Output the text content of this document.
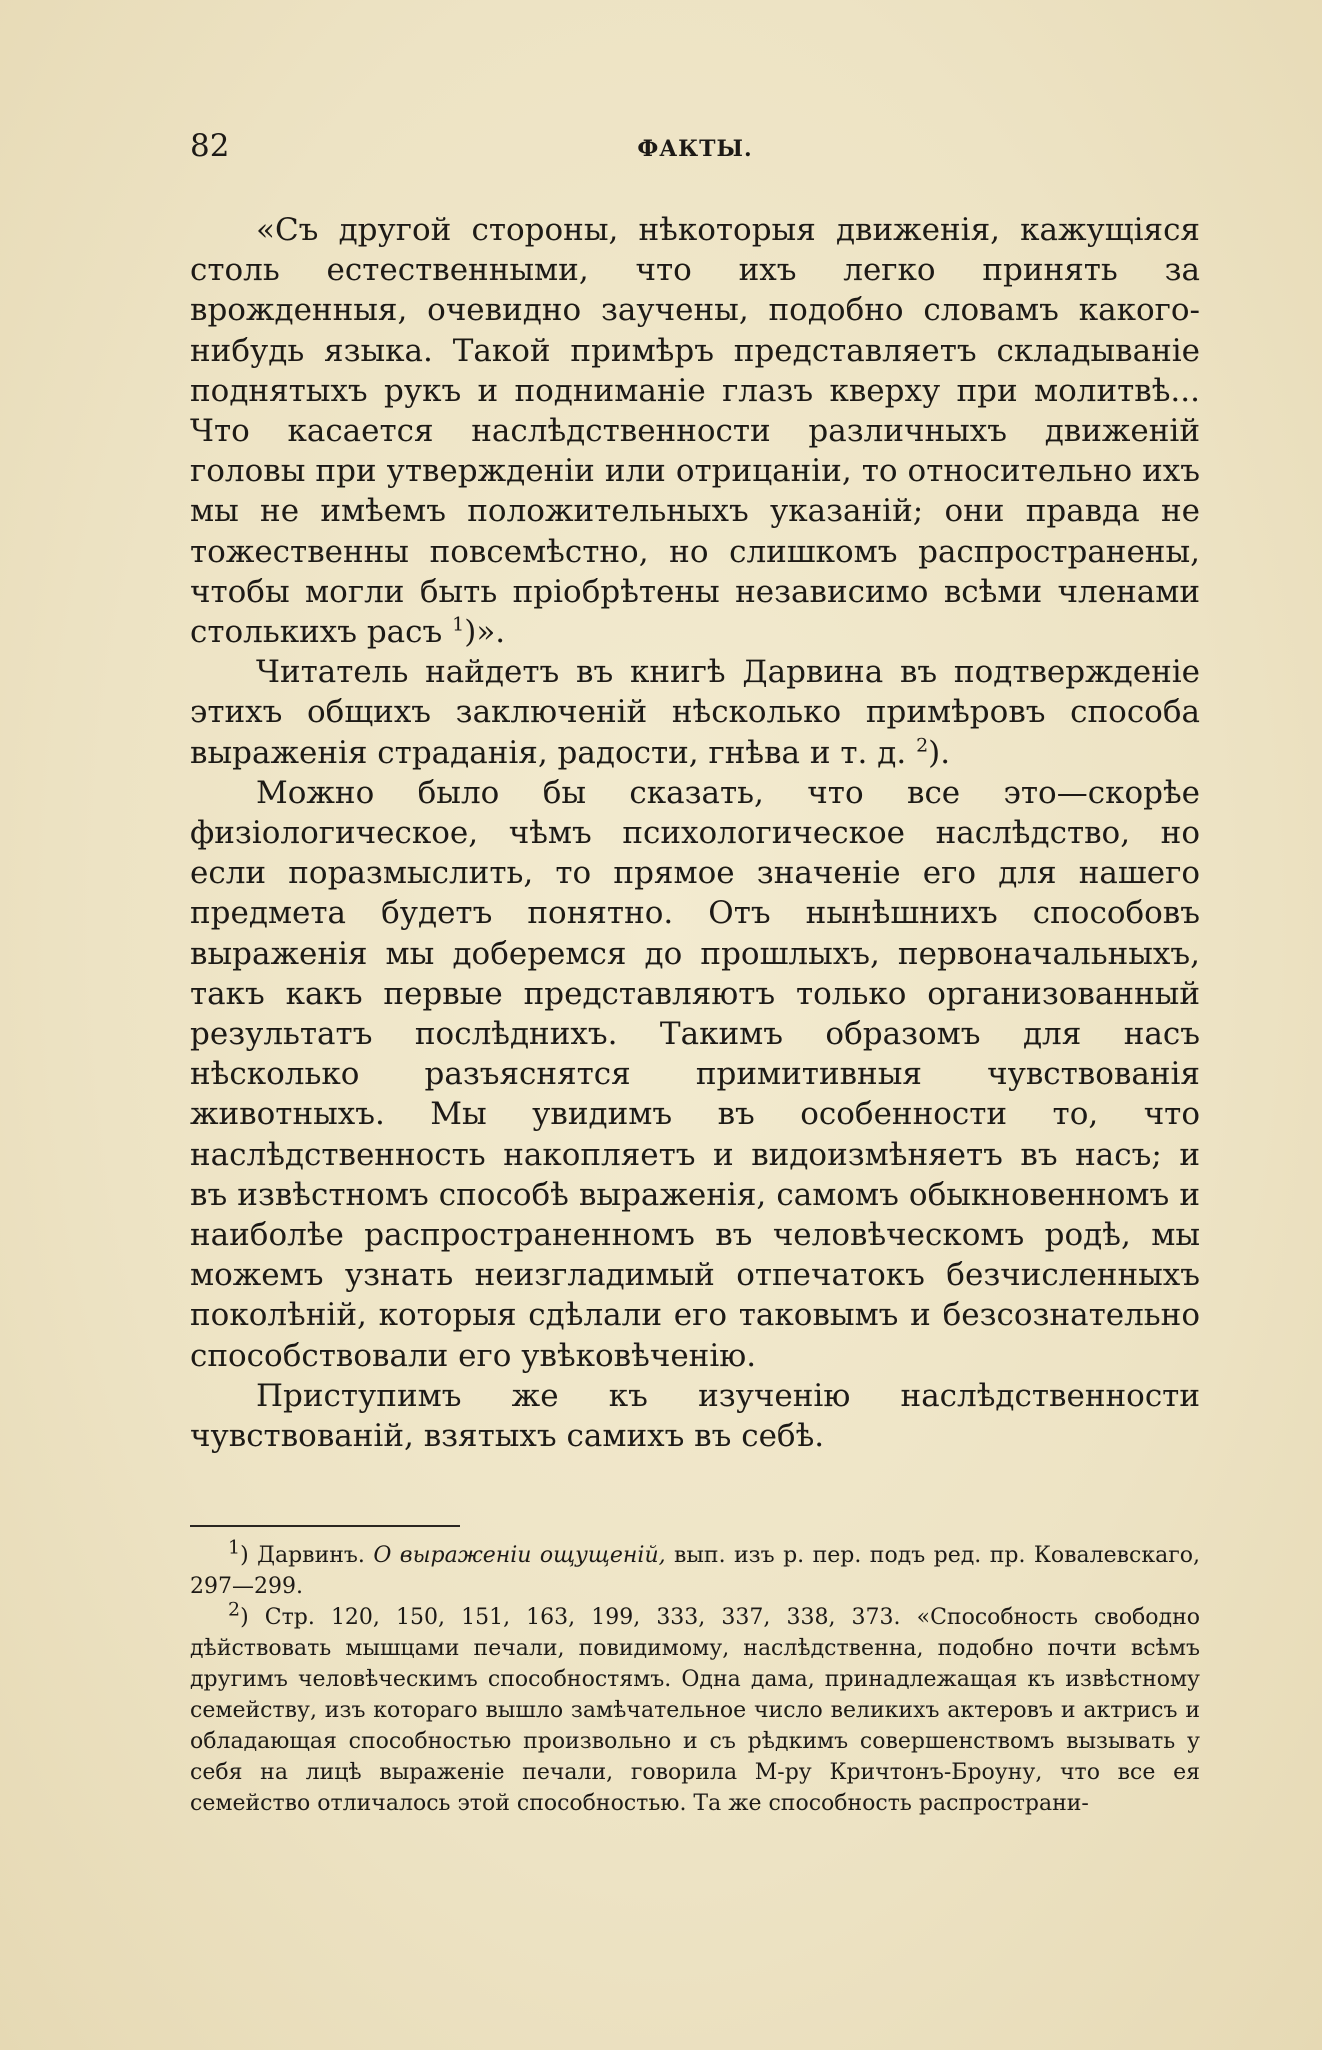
82	ФАКТЫ.

«Съ другой стороны, нѣкоторыя движенія, кажущіяся столь естественными, что ихъ легко принять за врожденныя, очевидно заучены, подобно словамъ какого-нибудь языка. Такой примѣръ представляетъ складываніе поднятыхъ рукъ и подниманіе глазъ кверху при молитвѣ... Что касается наслѣдственности различныхъ движеній головы при утвержденіи или отрицаніи, то относительно ихъ мы не имѣемъ положительныхъ указаній; они правда не тожественны повсемѣстно, но слишкомъ распространены, чтобы могли быть пріобрѣтены независимо всѣми членами столькихъ расъ $^1$)».

Читатель найдетъ въ книгѣ Дарвина въ подтвержденіе этихъ общихъ заключеній нѣсколько примѣровъ способа выраженія страданія, радости, гнѣва и т. д. $^2$).

Можно было бы сказать, что все это—скорѣе физіологическое, чѣмъ психологическое наслѣдство, но если поразмыслить, то прямое значеніе его для нашего предмета будетъ понятно. Отъ нынѣшнихъ способовъ выраженія мы доберемся до прошлыхъ, первоначальныхъ, такъ какъ первые представляютъ только организованный результатъ послѣднихъ. Такимъ образомъ для насъ нѣсколько разъяснятся примитивныя чувствованія животныхъ. Мы увидимъ въ особенности то, что наслѣдственность накопляетъ и видоизмѣняетъ въ насъ; и въ извѣстномъ способѣ выраженія, самомъ обыкновенномъ и наиболѣе распространенномъ въ человѣческомъ родѣ, мы можемъ узнать неизгладимый отпечатокъ безчисленныхъ поколѣній, которыя сдѣлали его таковымъ и безсознательно способствовали его увѣковѣченію.

Приступимъ же къ изученію наслѣдственности чувствованій, взятыхъ самихъ въ себѣ.

$^1$) Дарвинъ. О выраженіи ощущеній, вып. изъ р. пер. подъ ред. пр. Ковалевскаго, 297—299.

$^2$) Стр. 120, 150, 151, 163, 199, 333, 337, 338, 373. «Способность свободно дѣйствовать мышцами печали, повидимому, наслѣдственна, подобно почти всѣмъ другимъ человѣческимъ способностямъ. Одна дама, принадлежащая къ извѣстному семейству, изъ котораго вышло замѣчательное число великихъ актеровъ и актрисъ и обладающая способностью произвольно и съ рѣдкимъ совершенствомъ вызывать у себя на лицѣ выраженіе печали, говорила М-ру Кричтонъ-Броуну, что все ея семейство отличалось этой способностью. Та же способность распространи-
